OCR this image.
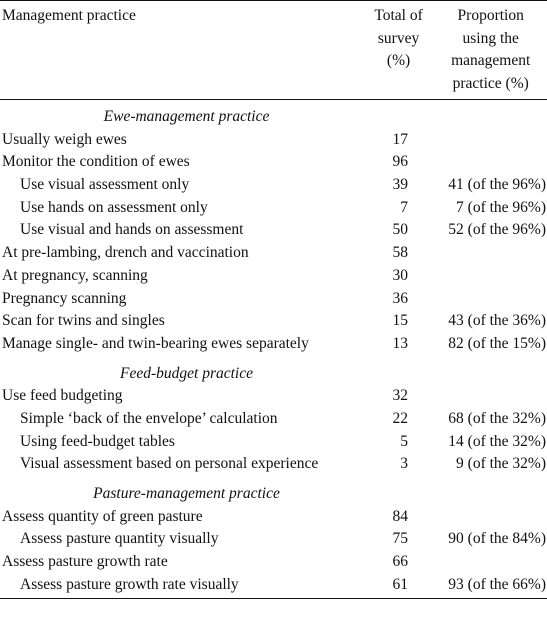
Management practice	Total of
survey
(%)
Proportion
using the
management
practice (%)
Ewe-management practice
Usually weigh ewes	17
Monitor the condition of ewes	96
Use visual assessment only	39	41 (of the 96%)
Use hands on assessment only	7	7 (of the 96%)
Use visual and hands on assessment	50	52 (of the 96%)
At pre-lambing, drench and vaccination	58
At pregnancy, scanning	30
Pregnancy scanning	36
Scan for twins and singles	15	43 (of the 36%)
Manage single- and twin-bearing ewes separately	13	82 (of the 15%)
Feed-budget practice
Use feed budgeting	32
Simple ‘back of the envelope’ calculation	22	68 (of the 32%)
Using feed-budget tables	5	14 (of the 32%)
Visual assessment based on personal experience	3	9 (of the 32%)
Pasture-management practice
Assess quantity of green pasture	84
Assess pasture quantity visually	75	90 (of the 84%)
Assess pasture growth rate	66
Assess pasture growth rate visually	61	93 (of the 66%)
